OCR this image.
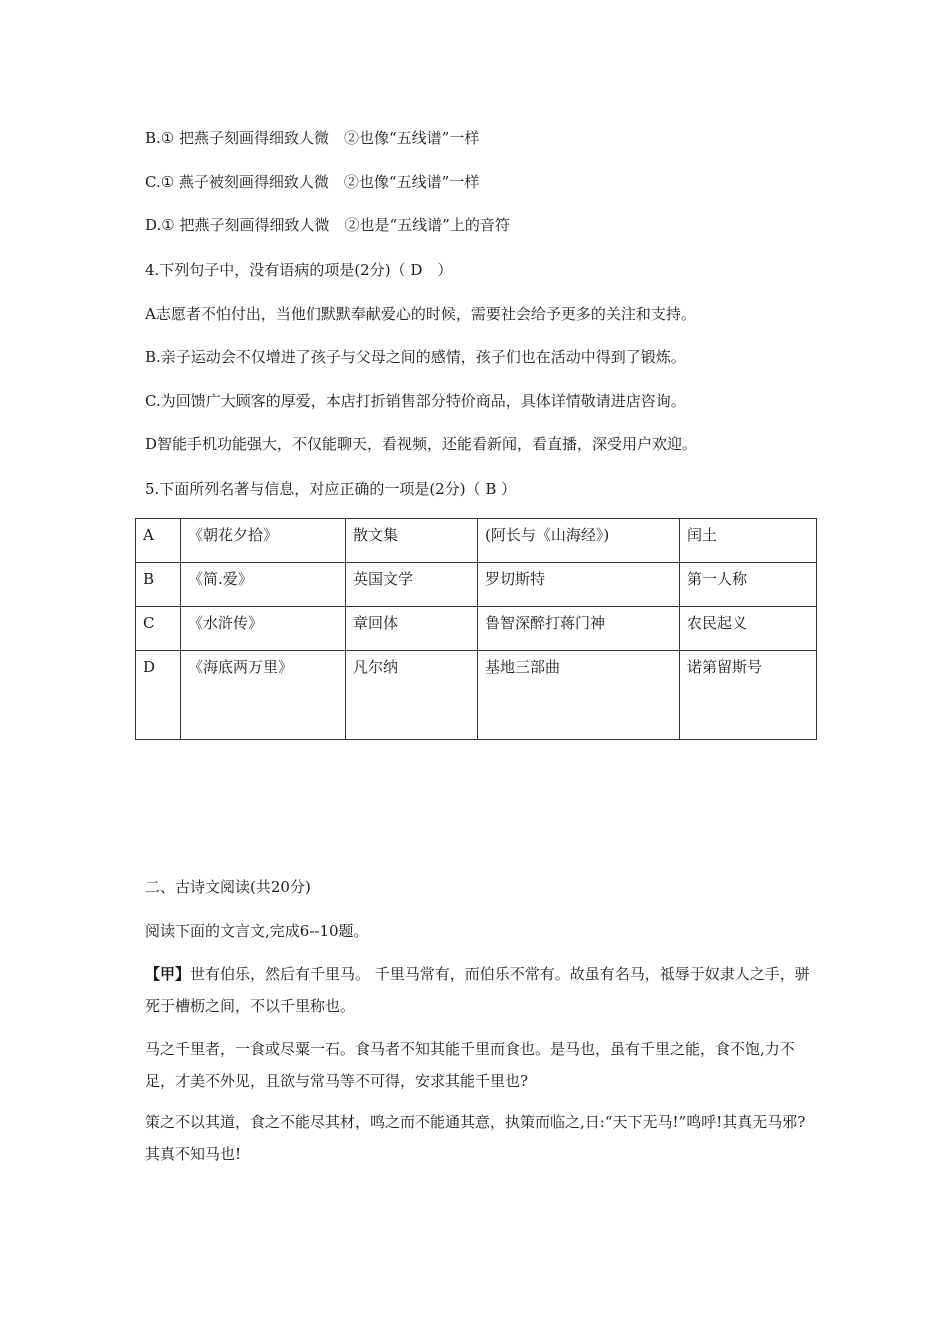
B.① 把燕子刻画得细致人微　②也像“五线谱”一样
C.① 燕子被刻画得细致人微　②也像“五线谱”一样
D.① 把燕子刻画得细致人微　②也是“五线谱”上的音符
4.下列句子中，没有语病的项是(2分)（ D　）
A志愿者不怕付出，当他们默默奉献爱心的时候，需要社会给予更多的关注和支持。
B.亲子运动会不仅增进了孩子与父母之间的感情，孩子们也在活动中得到了锻炼。
C.为回馈广大顾客的厚爱，本店打折销售部分特价商品，具体详情敬请进店咨询。
D智能手机功能强大，不仅能聊天，看视频，还能看新闻，看直播，深受用户欢迎。
5.下面所列名著与信息，对应正确的一项是(2分)（ B ）
A	《朝花夕拾》	散文集	(阿长与《山海经》)	闰土
B	《简.爱》	英国文学	罗切斯特	第一人称
C	《水浒传》	章回体	鲁智深醉打蒋门神	农民起义
D	《海底两万里》	凡尔纳	基地三部曲	诺第留斯号
二、古诗文阅读(共20分)
阅读下面的文言文,完成6--10题。
【甲】世有伯乐，然后有千里马。 千里马常有，而伯乐不常有。故虽有名马，祗辱于奴隶人之手，骈死于槽枥之间，不以千里称也。
马之千里者，一食或尽粟一石。食马者不知其能千里而食也。是马也，虽有千里之能，食不饱,力不足，才美不外见，且欲与常马等不可得，安求其能千里也?
策之不以其道，食之不能尽其材，鸣之而不能通其意，执策而临之,日:“天下无马!”鸣呼!其真无马邪?其真不知马也!
